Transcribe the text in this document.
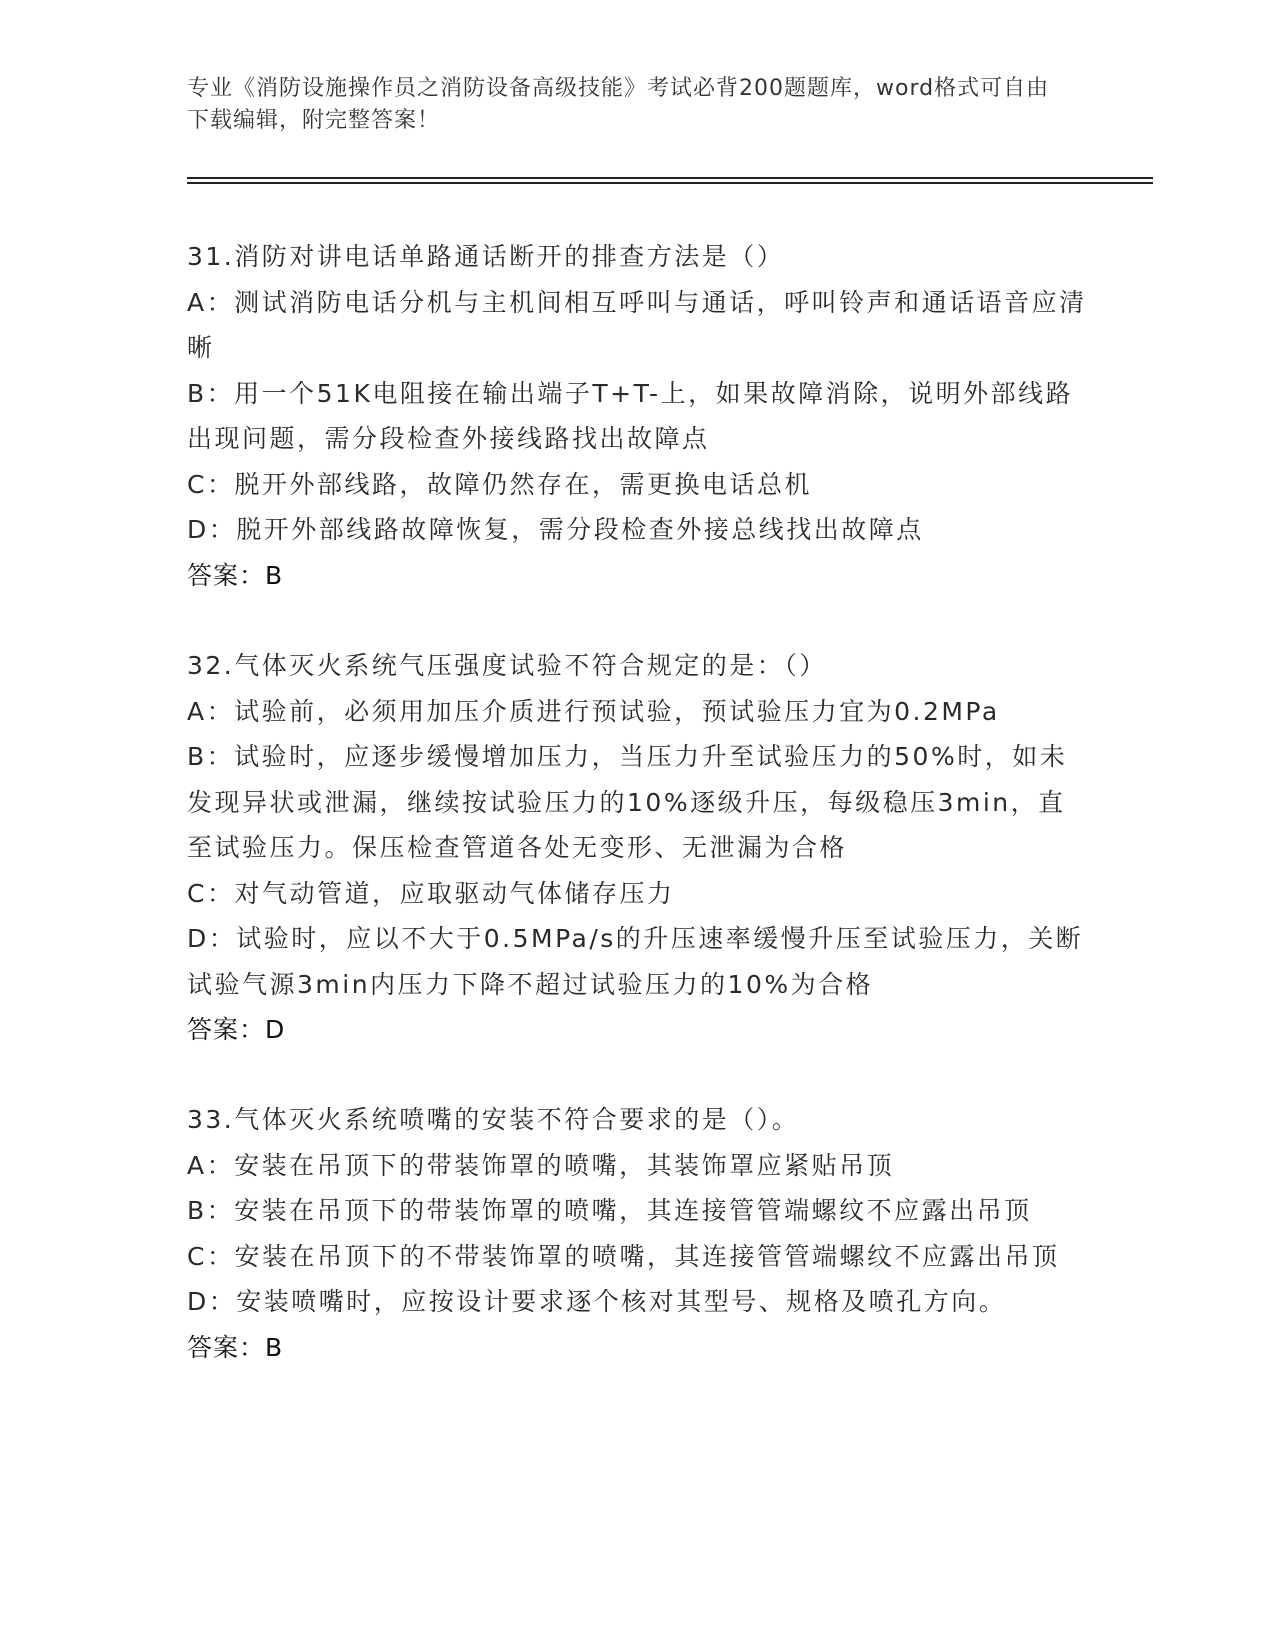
专业《消防设施操作员之消防设备高级技能》考试必背200题题库，word格式可自由下载编辑，附完整答案！

31.消防对讲电话单路通话断开的排查方法是（）

A：测试消防电话分机与主机间相互呼叫与通话，呼叫铃声和通话语音应清晰

B：用一个51K电阻接在输出端子T+T-上，如果故障消除，说明外部线路出现问题，需分段检查外接线路找出故障点

C：脱开外部线路，故障仍然存在，需更换电话总机

D：脱开外部线路故障恢复，需分段检查外接总线找出故障点

答案：B

32.气体灭火系统气压强度试验不符合规定的是：（）

A：试验前，必须用加压介质进行预试验，预试验压力宜为0.2MPa

B：试验时，应逐步缓慢增加压力，当压力升至试验压力的50%时，如未发现异状或泄漏，继续按试验压力的10%逐级升压，每级稳压3min，直至试验压力。保压检查管道各处无变形、无泄漏为合格

C：对气动管道，应取驱动气体储存压力

D：试验时，应以不大于0.5MPa/s的升压速率缓慢升压至试验压力，关断试验气源3min内压力下降不超过试验压力的10%为合格

答案：D

33.气体灭火系统喷嘴的安装不符合要求的是（）。

A：安装在吊顶下的带装饰罩的喷嘴，其装饰罩应紧贴吊顶

B：安装在吊顶下的带装饰罩的喷嘴，其连接管管端螺纹不应露出吊顶

C：安装在吊顶下的不带装饰罩的喷嘴，其连接管管端螺纹不应露出吊顶

D：安装喷嘴时，应按设计要求逐个核对其型号、规格及喷孔方向。

答案：B
